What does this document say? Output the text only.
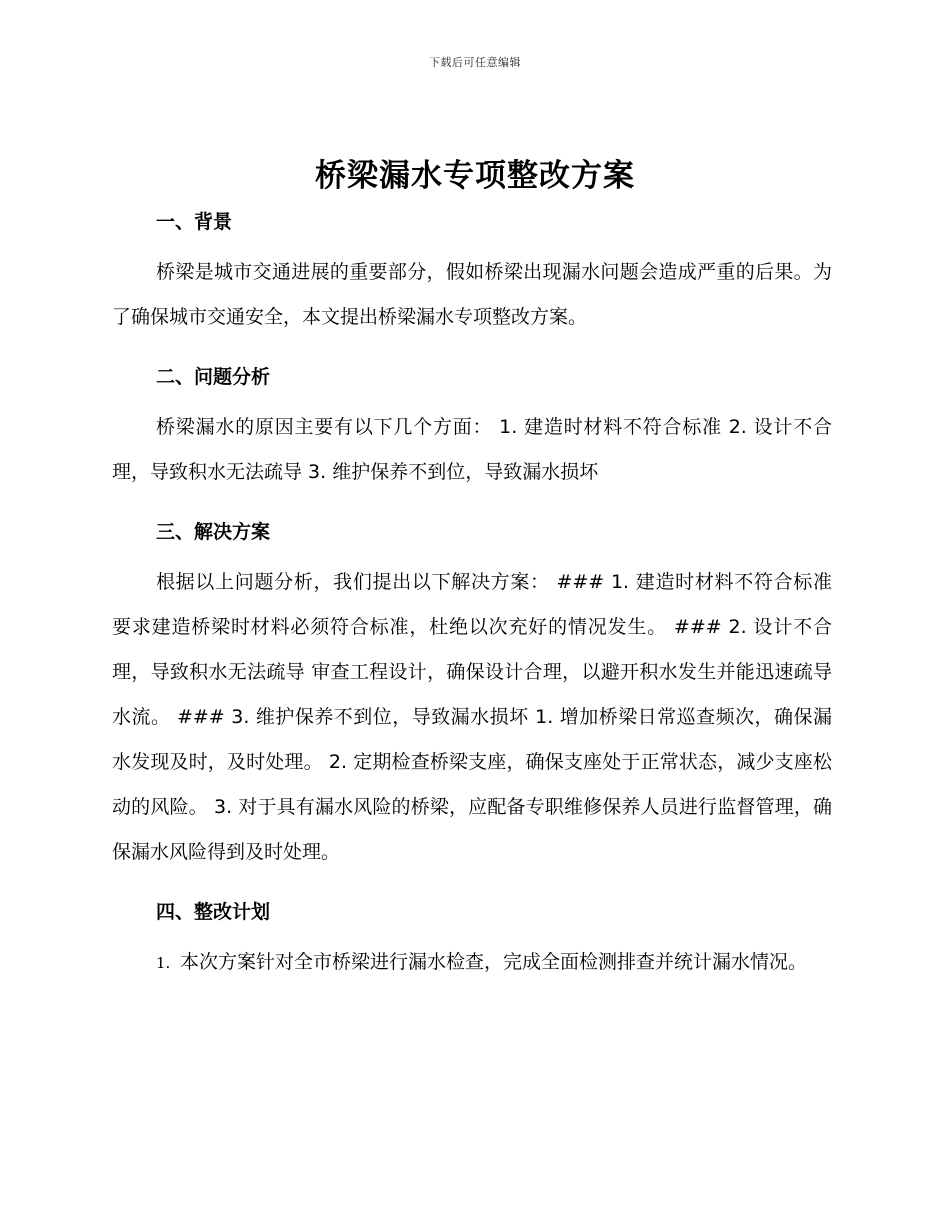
下载后可任意编辑
桥梁漏水专项整改方案
一、背景

桥梁是城市交通进展的重要部分，假如桥梁出现漏水问题会造成严重的后果。为了确保城市交通安全，本文提出桥梁漏水专项整改方案。

二、问题分析

桥梁漏水的原因主要有以下几个方面： 1. 建造时材料不符合标准 2. 设计不合理，导致积水无法疏导 3. 维护保养不到位，导致漏水损坏

三、解决方案

根据以上问题分析，我们提出以下解决方案： ### 1. 建造时材料不符合标准 要求建造桥梁时材料必须符合标准，杜绝以次充好的情况发生。 ### 2. 设计不合理，导致积水无法疏导 审查工程设计，确保设计合理，以避开积水发生并能迅速疏导水流。 ### 3. 维护保养不到位，导致漏水损坏 1. 增加桥梁日常巡查频次，确保漏水发现及时，及时处理。 2. 定期检查桥梁支座，确保支座处于正常状态，减少支座松动的风险。 3. 对于具有漏水风险的桥梁，应配备专职维修保养人员进行监督管理，确保漏水风险得到及时处理。

四、整改计划

1. 本次方案针对全市桥梁进行漏水检查，完成全面检测排查并统计漏水情况。
